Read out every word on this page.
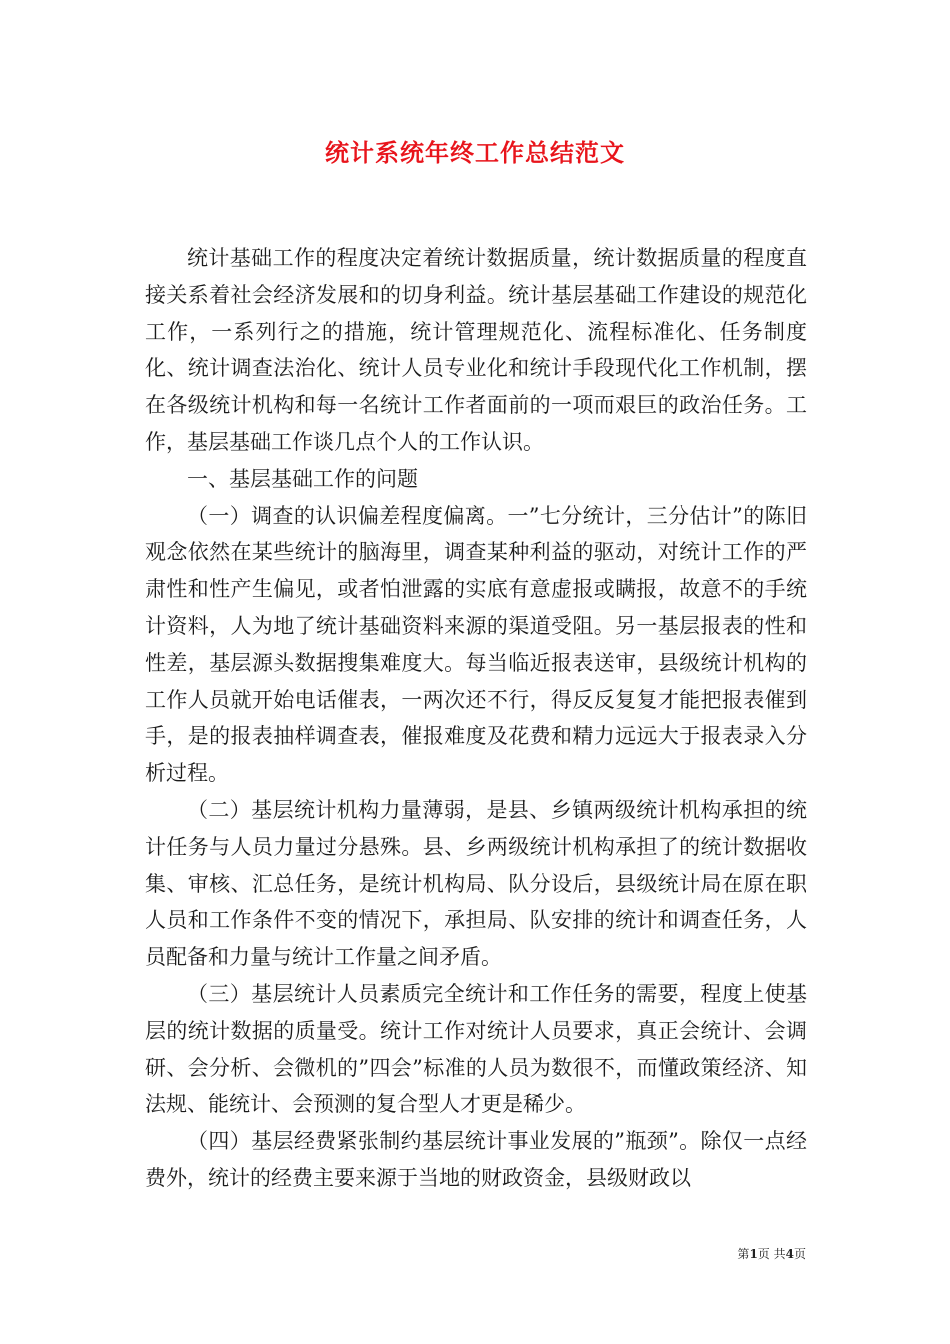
统计系统年终工作总结范文

统计基础工作的程度决定着统计数据质量，统计数据质量的程度直接关系着社会经济发展和的切身利益。统计基层基础工作建设的规范化工作，一系列行之的措施，统计管理规范化、流程标准化、任务制度化、统计调查法治化、统计人员专业化和统计手段现代化工作机制，摆在各级统计机构和每一名统计工作者面前的一项而艰巨的政治任务。工作，基层基础工作谈几点个人的工作认识。

一、基层基础工作的问题

（一）调查的认识偏差程度偏离。一”七分统计，三分估计”的陈旧观念依然在某些统计的脑海里，调查某种利益的驱动，对统计工作的严肃性和性产生偏见，或者怕泄露的实底有意虚报或瞒报，故意不的手统计资料，人为地了统计基础资料来源的渠道受阻。另一基层报表的性和性差，基层源头数据搜集难度大。每当临近报表送审，县级统计机构的工作人员就开始电话催表，一两次还不行，得反反复复才能把报表催到手，是的报表抽样调查表，催报难度及花费和精力远远大于报表录入分析过程。

（二）基层统计机构力量薄弱，是县、乡镇两级统计机构承担的统计任务与人员力量过分悬殊。县、乡两级统计机构承担了的统计数据收集、审核、汇总任务，是统计机构局、队分设后，县级统计局在原在职人员和工作条件不变的情况下，承担局、队安排的统计和调查任务，人员配备和力量与统计工作量之间矛盾。

（三）基层统计人员素质完全统计和工作任务的需要，程度上使基层的统计数据的质量受。统计工作对统计人员要求，真正会统计、会调研、会分析、会微机的”四会”标准的人员为数很不，而懂政策经济、知法规、能统计、会预测的复合型人才更是稀少。

（四）基层经费紧张制约基层统计事业发展的”瓶颈”。除仅一点经费外，统计的经费主要来源于当地的财政资金，县级财政以

第1页 共4页
